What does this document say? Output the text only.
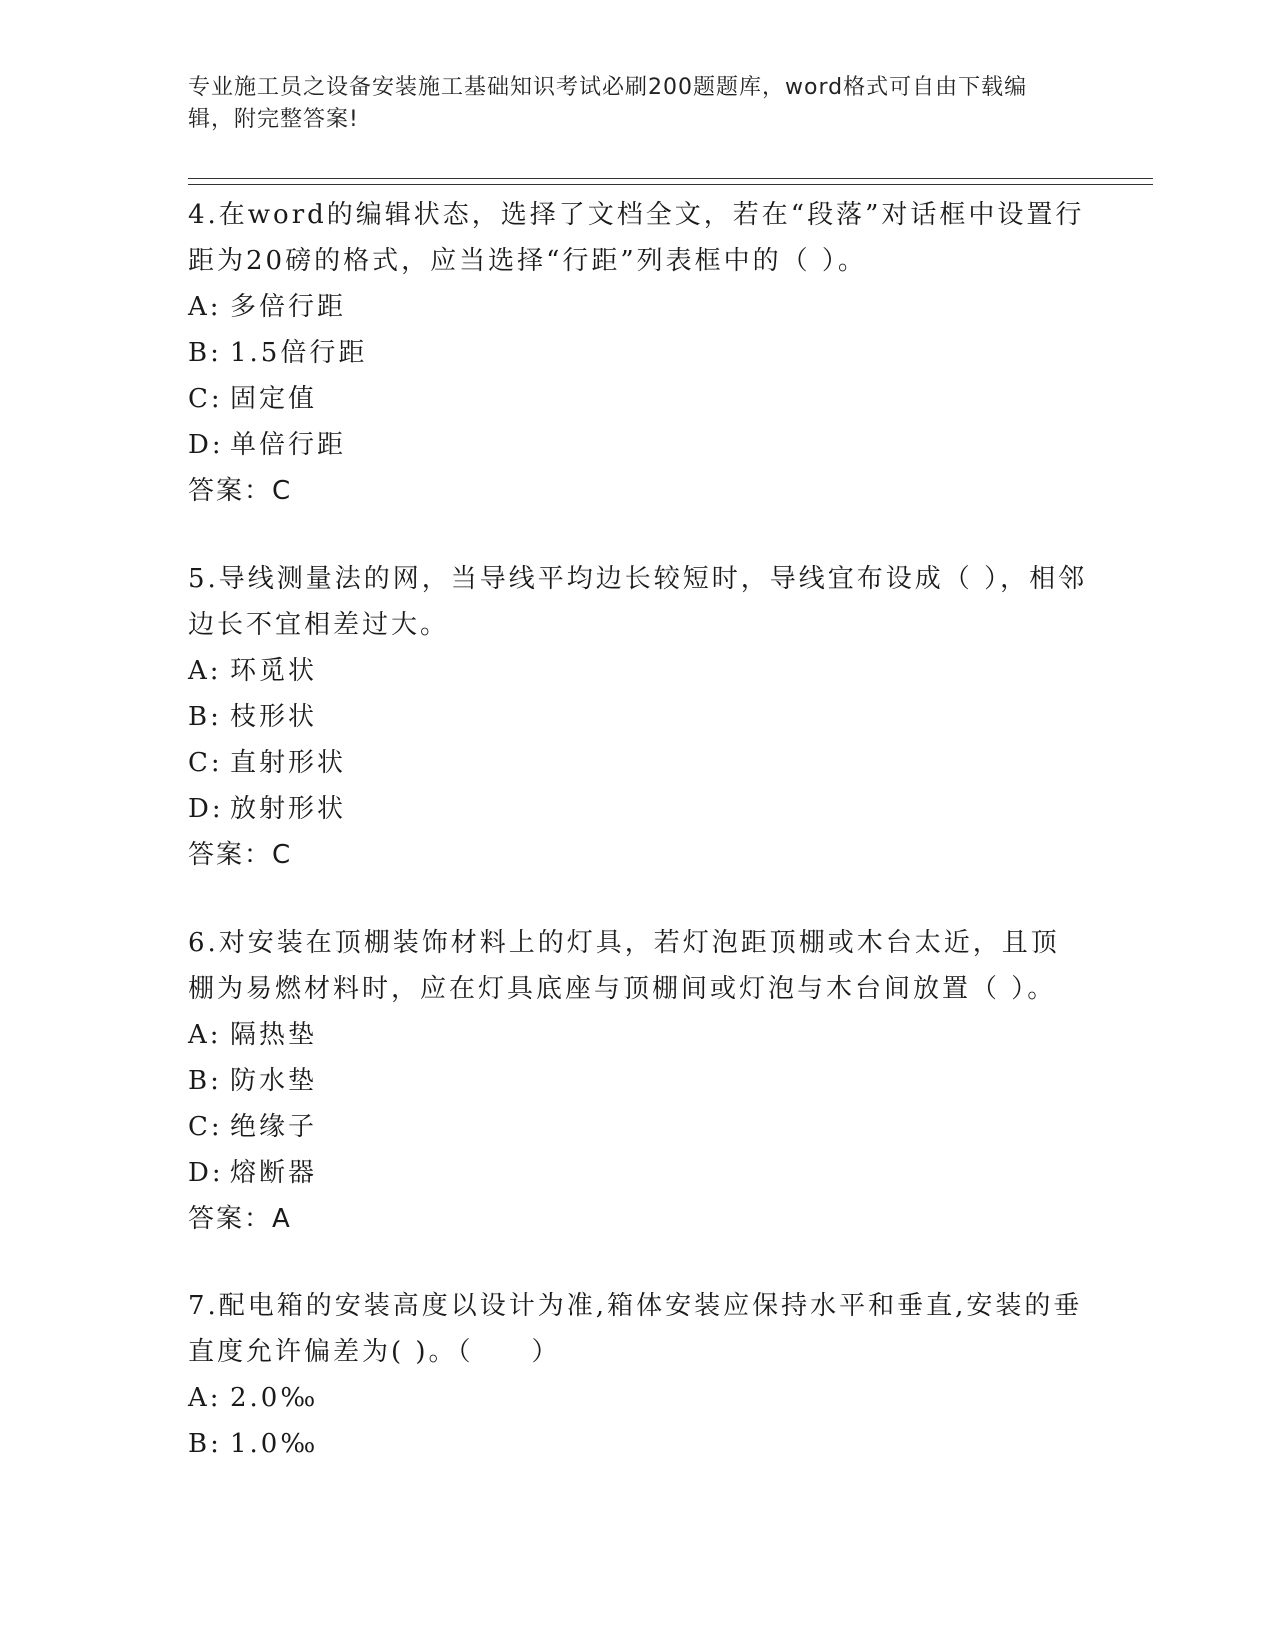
专业施工员之设备安装施工基础知识考试必刷200题题库，word格式可自由下载编辑，附完整答案!

4.在word的编辑状态，选择了文档全文，若在“段落”对话框中设置行距为20磅的格式，应当选择“行距”列表框中的（ ）。

A: 多倍行距

B: 1.5倍行距

C: 固定值

D: 单倍行距

答案：C

5.导线测量法的网，当导线平均边长较短时，导线宜布设成（ ），相邻边长不宜相差过大。

A: 环觅状

B: 枝形状

C: 直射形状

D: 放射形状

答案：C

6.对安装在顶棚装饰材料上的灯具，若灯泡距顶棚或木台太近，且顶棚为易燃材料时，应在灯具底座与顶棚间或灯泡与木台间放置（ ）。

A: 隔热垫

B: 防水垫

C: 绝缘子

D: 熔断器

答案：A

7.配电箱的安装高度以设计为准,箱体安装应保持水平和垂直,安装的垂直度允许偏差为( )。（　　）

A: 2.0‰

B: 1.0‰
